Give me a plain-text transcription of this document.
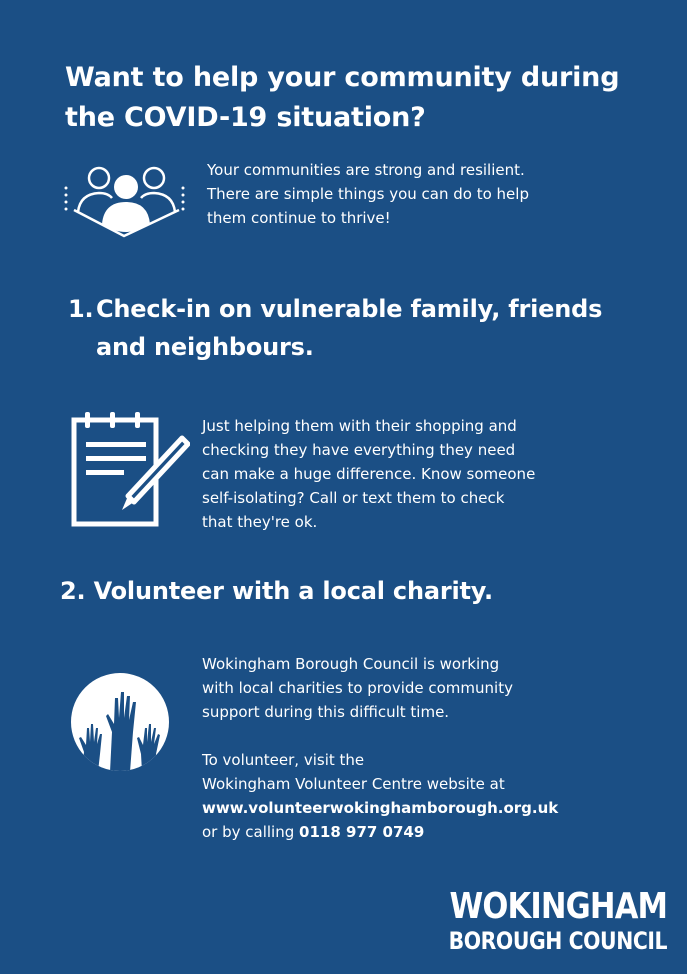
Want to help your community during
the COVID-19 situation?
Your communities are strong and resilient.
There are simple things you can do to help
them continue to thrive!
1. Check-in on vulnerable family, friends
and neighbours.
Just helping them with their shopping and
checking they have everything they need
can make a huge difference. Know someone
self-isolating? Call or text them to check
that they're ok.
2. Volunteer with a local charity.
Wokingham Borough Council is working
with local charities to provide community
support during this difficult time.
To volunteer, visit the
Wokingham Volunteer Centre website at
www.volunteerwokinghamborough.org.uk
or by calling 0118 977 0749
WOKINGHAM
BOROUGH COUNCIL
